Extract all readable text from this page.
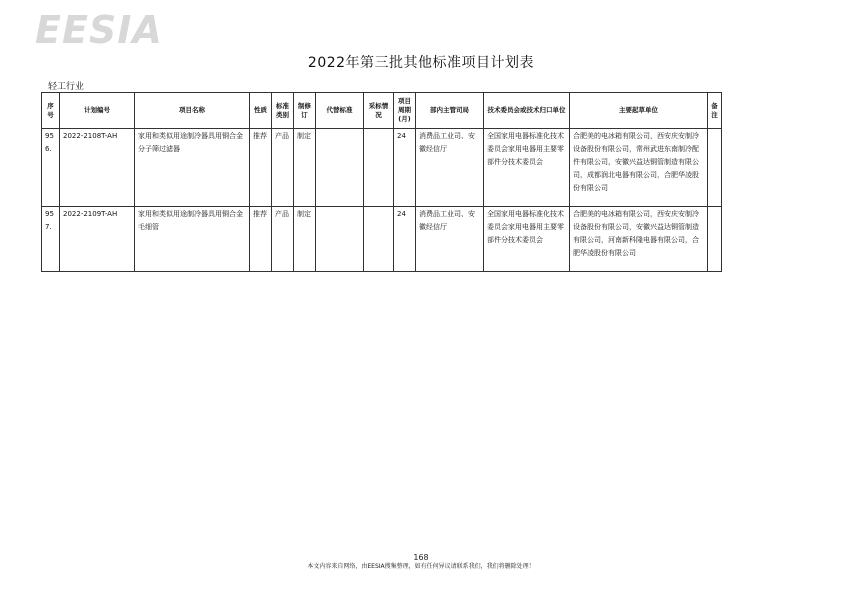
EESIA
2022年第三批其他标准项目计划表
轻工行业
序号	计划编号	项目名称	性质	标准类别	制修订	代替标准	采标情况	项目周期(月)	部内主管司局	技术委员会或技术归口单位	主要起草单位	备注
956.	2022-2108T-AH	家用和类似用途制冷器具用铜合金分子筛过滤器	推荐	产品	制定			24	消费品工业司、安徽经信厅	全国家用电器标准化技术委员会家用电器用主要零部件分技术委员会	合肥美的电冰箱有限公司，西安庆安制冷设备股份有限公司，常州武进东南制冷配件有限公司，安徽兴益达铜管制造有限公司，成都润北电器有限公司，合肥华凌股份有限公司	
957.	2022-2109T-AH	家用和类似用途制冷器具用铜合金毛细管	推荐	产品	制定			24	消费品工业司、安徽经信厅	全国家用电器标准化技术委员会家用电器用主要零部件分技术委员会	合肥美的电冰箱有限公司，西安庆安制冷设备股份有限公司，安徽兴益达铜管制造有限公司，河南新科隆电器有限公司，合肥华凌股份有限公司	
168
本文内容来自网络，由EESIA搜集整理，如有任何异议请联系我们，我们将删除处理！
